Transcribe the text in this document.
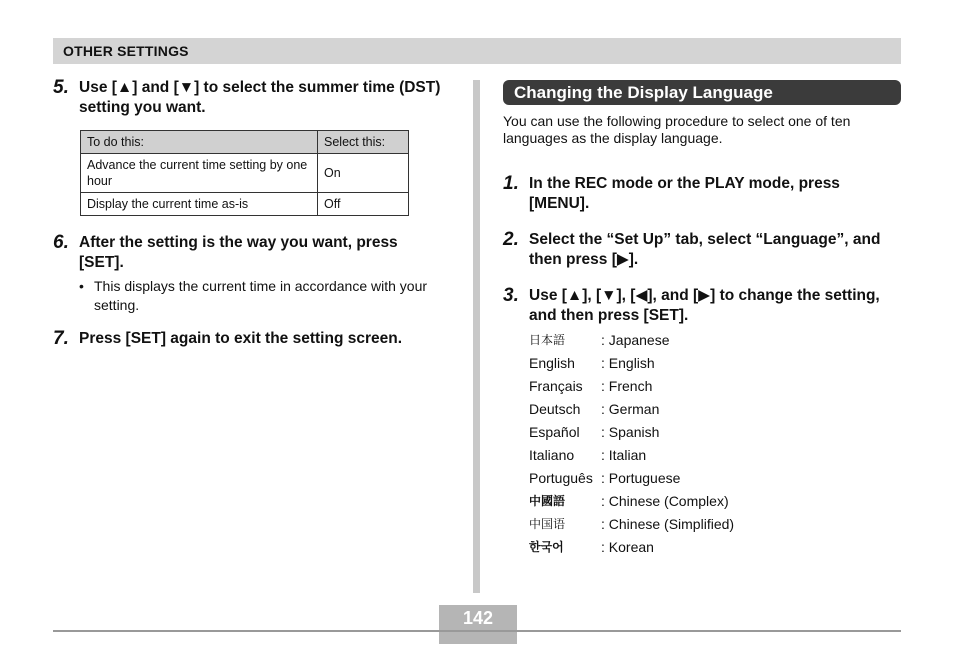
OTHER SETTINGS
5. Use [▲] and [▼] to select the summer time (DST) setting you want.
To do this:	Select this:
Advance the current time setting by one hour	On
Display the current time as-is	Off
6. After the setting is the way you want, press [SET].
• This displays the current time in accordance with your setting.
7. Press [SET] again to exit the setting screen.
Changing the Display Language
You can use the following procedure to select one of ten languages as the display language.
1. In the REC mode or the PLAY mode, press [MENU].
2. Select the “Set Up” tab, select “Language”, and then press [▶].
3. Use [▲], [▼], [◀], and [▶] to change the setting, and then press [SET].
日本語	: Japanese
English	: English
Français	: French
Deutsch	: German
Español	: Spanish
Italiano	: Italian
Português : Portuguese
中國語	: Chinese (Complex)
中国语	: Chinese (Simplified)
한국어	: Korean
142
